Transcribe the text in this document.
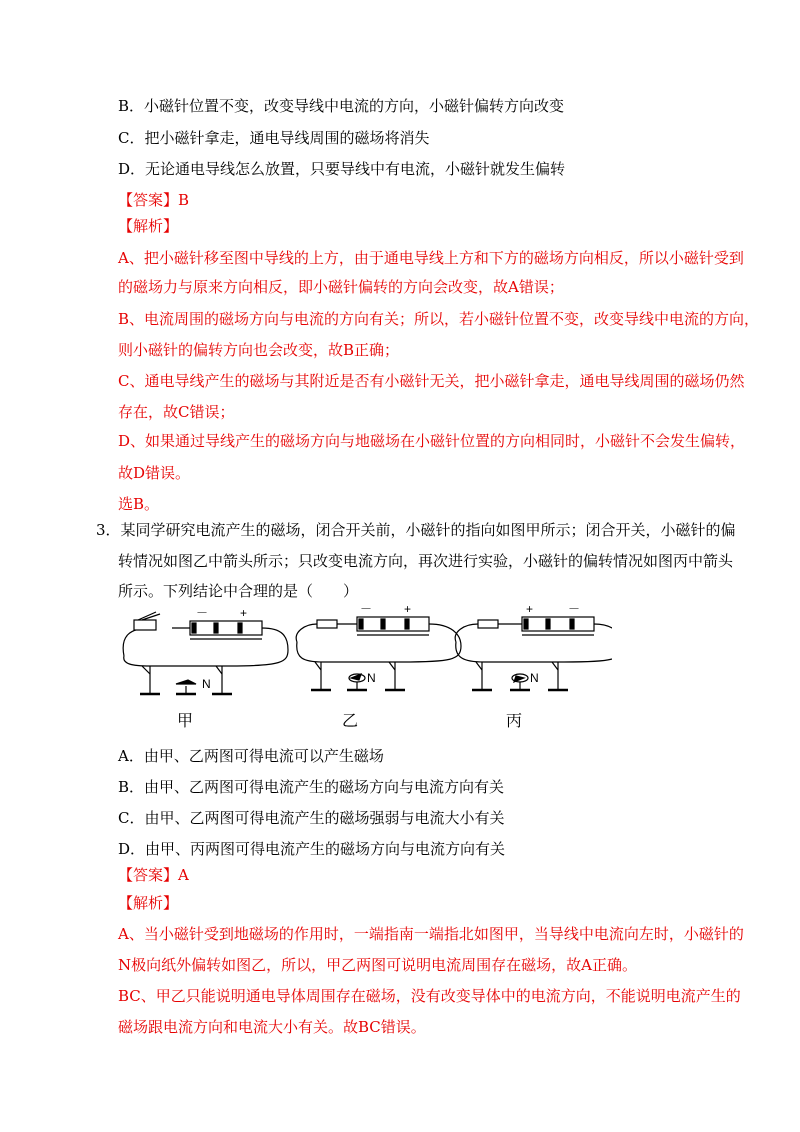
B．小磁针位置不变，改变导线中电流的方向，小磁针偏转方向改变
C．把小磁针拿走，通电导线周围的磁场将消失
D．无论通电导线怎么放置，只要导线中有电流，小磁针就发生偏转
【答案】B
【解析】
A、把小磁针移至图中导线的上方，由于通电导线上方和下方的磁场方向相反，所以小磁针受到
的磁场力与原来方向相反，即小磁针偏转的方向会改变，故A错误；
B、电流周围的磁场方向与电流的方向有关；所以，若小磁针位置不变，改变导线中电流的方向，
则小磁针的偏转方向也会改变，故B正确；
C、通电导线产生的磁场与其附近是否有小磁针无关，把小磁针拿走，通电导线周围的磁场仍然
存在，故C错误；
D、如果通过导线产生的磁场方向与地磁场在小磁针位置的方向相同时，小磁针不会发生偏转，
故D错误。
选B。
3．某同学研究电流产生的磁场，闭合开关前，小磁针的指向如图甲所示；闭合开关，小磁针的偏
转情况如图乙中箭头所示；只改变电流方向，再次进行实验，小磁针的偏转情况如图丙中箭头
所示。下列结论中合理的是（　　）
－	+
N
－	+
N
+	－
N
甲	乙	丙
A．由甲、乙两图可得电流可以产生磁场
B．由甲、乙两图可得电流产生的磁场方向与电流方向有关
C．由甲、乙两图可得电流产生的磁场强弱与电流大小有关
D．由甲、丙两图可得电流产生的磁场方向与电流方向有关
【答案】A
【解析】
A、当小磁针受到地磁场的作用时，一端指南一端指北如图甲，当导线中电流向左时，小磁针的
N极向纸外偏转如图乙，所以，甲乙两图可说明电流周围存在磁场，故A正确。
BC、甲乙只能说明通电导体周围存在磁场，没有改变导体中的电流方向，不能说明电流产生的
磁场跟电流方向和电流大小有关。故BC错误。
